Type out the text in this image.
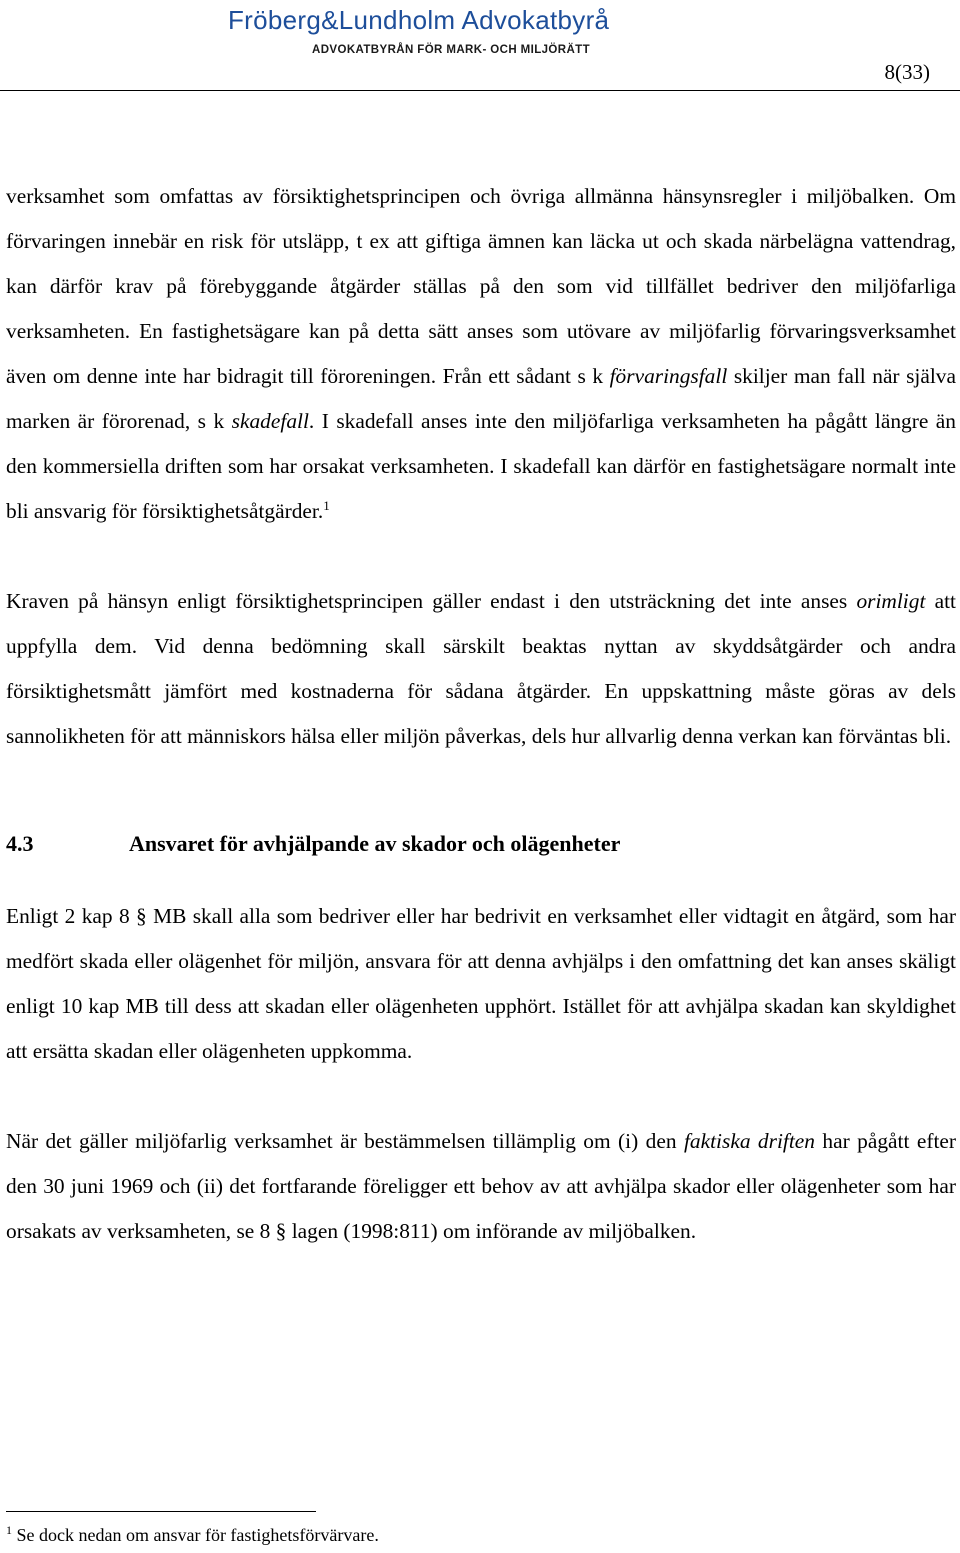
Fröberg&Lundholm Advokatbyrå
ADVOKATBYRÅN FÖR MARK- OCH MILJÖRÄTT
8(33)

verksamhet som omfattas av försiktighetsprincipen och övriga allmänna hänsynsregler i miljöbalken. Om förvaringen innebär en risk för utsläpp, t ex att giftiga ämnen kan läcka ut och skada närbelägna vattendrag, kan därför krav på förebyggande åtgärder ställas på den som vid tillfället bedriver den miljöfarliga verksamheten. En fastighetsägare kan på detta sätt anses som utövare av miljöfarlig förvaringsverksamhet även om denne inte har bidragit till föroreningen. Från ett sådant s k förvaringsfall skiljer man fall när själva marken är förorenad, s k skadefall. I skadefall anses inte den miljöfarliga verksamheten ha pågått längre än den kommersiella driften som har orsakat verksamheten. I skadefall kan därför en fastighetsägare normalt inte bli ansvarig för försiktighetsåtgärder.$^1$

Kraven på hänsyn enligt försiktighetsprincipen gäller endast i den utsträckning det inte anses orimligt att uppfylla dem. Vid denna bedömning skall särskilt beaktas nyttan av skyddsåtgärder och andra försiktighetsmått jämfört med kostnaderna för sådana åtgärder. En uppskattning måste göras av dels sannolikheten för att människors hälsa eller miljön påverkas, dels hur allvarlig denna verkan kan förväntas bli.

4.3	Ansvaret för avhjälpande av skador och olägenheter

Enligt 2 kap 8 § MB skall alla som bedriver eller har bedrivit en verksamhet eller vidtagit en åtgärd, som har medfört skada eller olägenhet för miljön, ansvara för att denna avhjälps i den omfattning det kan anses skäligt enligt 10 kap MB till dess att skadan eller olägenheten upphört. Istället för att avhjälpa skadan kan skyldighet att ersätta skadan eller olägenheten uppkomma.

När det gäller miljöfarlig verksamhet är bestämmelsen tillämplig om (i) den faktiska driften har pågått efter den 30 juni 1969 och (ii) det fortfarande föreligger ett behov av att avhjälpa skador eller olägenheter som har orsakats av verksamheten, se 8 § lagen (1998:811) om införande av miljöbalken.

$^1$ Se dock nedan om ansvar för fastighetsförvärvare.
